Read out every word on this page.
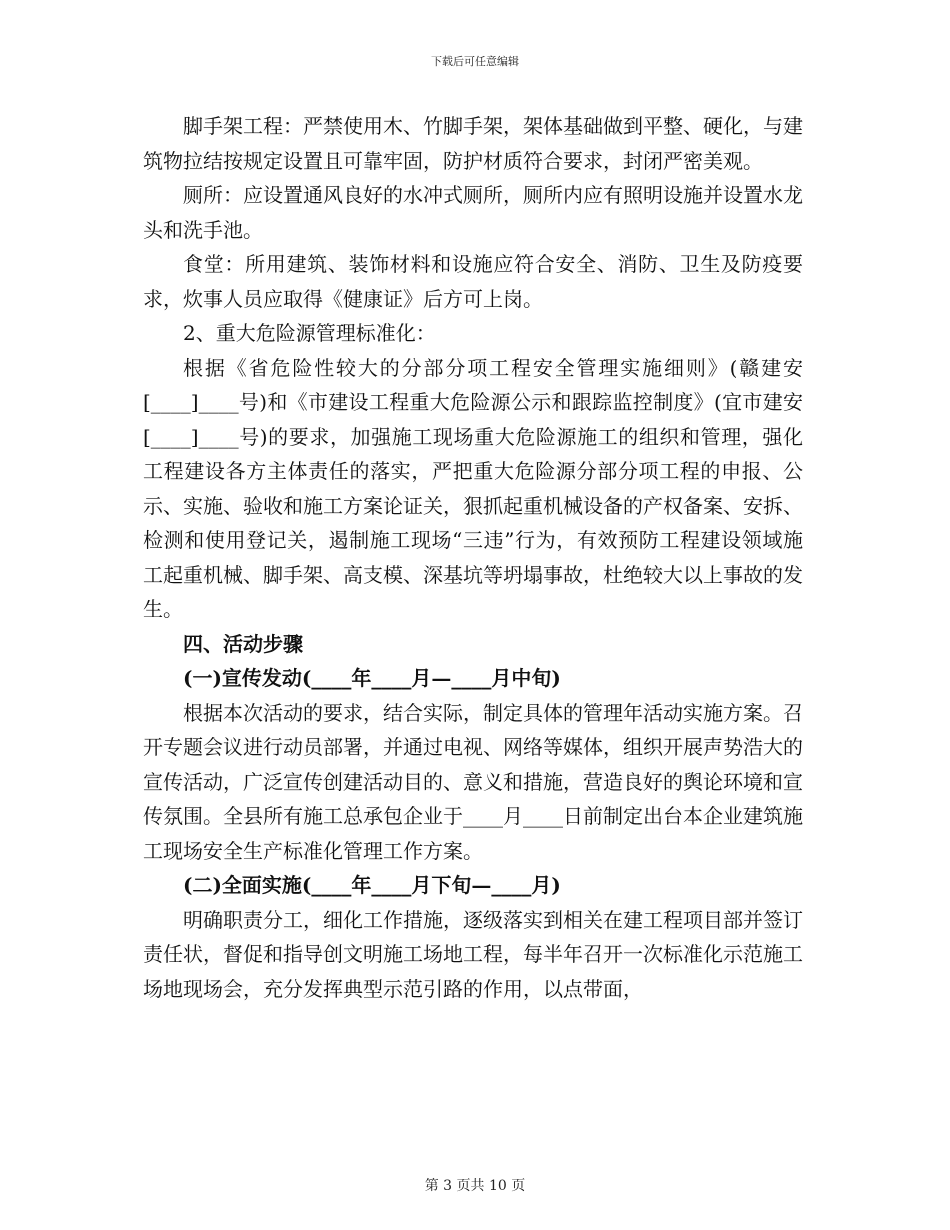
下载后可任意编辑

脚手架工程：严禁使用木、竹脚手架，架体基础做到平整、硬化，与建筑物拉结按规定设置且可靠牢固，防护材质符合要求，封闭严密美观。

厕所：应设置通风良好的水冲式厕所，厕所内应有照明设施并设置水龙头和洗手池。

食堂：所用建筑、装饰材料和设施应符合安全、消防、卫生及防疫要求，炊事人员应取得《健康证》后方可上岗。

2、重大危险源管理标准化：

根据《省危险性较大的分部分项工程安全管理实施细则》(赣建安[____]____号)和《市建设工程重大危险源公示和跟踪监控制度》(宜市建安[____]____号)的要求，加强施工现场重大危险源施工的组织和管理，强化工程建设各方主体责任的落实，严把重大危险源分部分项工程的申报、公示、实施、验收和施工方案论证关，狠抓起重机械设备的产权备案、安拆、检测和使用登记关，遏制施工现场“三违”行为，有效预防工程建设领域施工起重机械、脚手架、高支模、深基坑等坍塌事故，杜绝较大以上事故的发生。

四、活动步骤

(一)宣传发动(____年____月—____月中旬)

根据本次活动的要求，结合实际，制定具体的管理年活动实施方案。召开专题会议进行动员部署，并通过电视、网络等媒体，组织开展声势浩大的宣传活动，广泛宣传创建活动目的、意义和措施，营造良好的舆论环境和宣传氛围。全县所有施工总承包企业于____月____日前制定出台本企业建筑施工现场安全生产标准化管理工作方案。

(二)全面实施(____年____月下旬—____月)

明确职责分工，细化工作措施，逐级落实到相关在建工程项目部并签订责任状，督促和指导创文明施工场地工程，每半年召开一次标准化示范施工场地现场会，充分发挥典型示范引路的作用，以点带面，

第 3 页共 10 页
